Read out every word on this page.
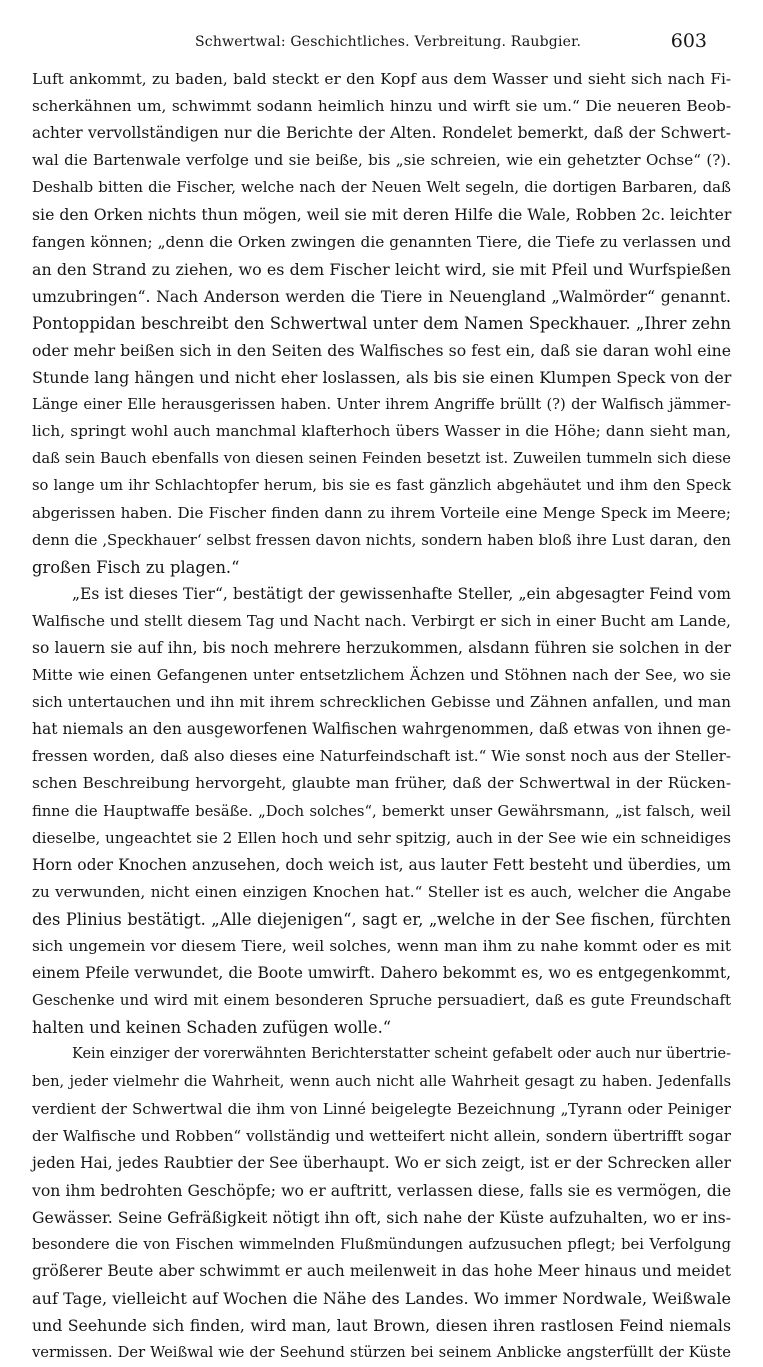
Schwertwal: Geschichtliches. Verbreitung. Raubgier.	603
Luft ankommt, zu baden, bald steckt er den Kopf aus dem Wasser und sieht sich nach Fi-
scherkähnen um, schwimmt sodann heimlich hinzu und wirft sie um.“ Die neueren Beob-
achter vervollständigen nur die Berichte der Alten. Rondelet bemerkt, daß der Schwert-
wal die Bartenwale verfolge und sie beiße, bis „sie schreien, wie ein gehetzter Ochse“ (?).
Deshalb bitten die Fischer, welche nach der Neuen Welt segeln, die dortigen Barbaren, daß
sie den Orken nichts thun mögen, weil sie mit deren Hilfe die Wale, Robben 2c. leichter
fangen können; „denn die Orken zwingen die genannten Tiere, die Tiefe zu verlassen und
an den Strand zu ziehen, wo es dem Fischer leicht wird, sie mit Pfeil und Wurfspießen
umzubringen“. Nach Anderson werden die Tiere in Neuengland „Walmörder“ genannt.
Pontoppidan beschreibt den Schwertwal unter dem Namen Speckhauer. „Ihrer zehn
oder mehr beißen sich in den Seiten des Walfisches so fest ein, daß sie daran wohl eine
Stunde lang hängen und nicht eher loslassen, als bis sie einen Klumpen Speck von der
Länge einer Elle herausgerissen haben. Unter ihrem Angriffe brüllt (?) der Walfisch jämmer-
lich, springt wohl auch manchmal klafterhoch übers Wasser in die Höhe; dann sieht man,
daß sein Bauch ebenfalls von diesen seinen Feinden besetzt ist. Zuweilen tummeln sich diese
so lange um ihr Schlachtopfer herum, bis sie es fast gänzlich abgehäutet und ihm den Speck
abgerissen haben. Die Fischer finden dann zu ihrem Vorteile eine Menge Speck im Meere;
denn die ‚Speckhauer‘ selbst fressen davon nichts, sondern haben bloß ihre Lust daran, den
großen Fisch zu plagen.“
„Es ist dieses Tier“, bestätigt der gewissenhafte Steller, „ein abgesagter Feind vom
Walfische und stellt diesem Tag und Nacht nach. Verbirgt er sich in einer Bucht am Lande,
so lauern sie auf ihn, bis noch mehrere herzukommen, alsdann führen sie solchen in der
Mitte wie einen Gefangenen unter entsetzlichem Ächzen und Stöhnen nach der See, wo sie
sich untertauchen und ihn mit ihrem schrecklichen Gebisse und Zähnen anfallen, und man
hat niemals an den ausgeworfenen Walfischen wahrgenommen, daß etwas von ihnen ge-
fressen worden, daß also dieses eine Naturfeindschaft ist.“ Wie sonst noch aus der Steller-
schen Beschreibung hervorgeht, glaubte man früher, daß der Schwertwal in der Rücken-
finne die Hauptwaffe besäße. „Doch solches“, bemerkt unser Gewährsmann, „ist falsch, weil
dieselbe, ungeachtet sie 2 Ellen hoch und sehr spitzig, auch in der See wie ein schneidiges
Horn oder Knochen anzusehen, doch weich ist, aus lauter Fett besteht und überdies, um
zu verwunden, nicht einen einzigen Knochen hat.“ Steller ist es auch, welcher die Angabe
des Plinius bestätigt. „Alle diejenigen“, sagt er, „welche in der See fischen, fürchten
sich ungemein vor diesem Tiere, weil solches, wenn man ihm zu nahe kommt oder es mit
einem Pfeile verwundet, die Boote umwirft. Dahero bekommt es, wo es entgegenkommt,
Geschenke und wird mit einem besonderen Spruche persuadiert, daß es gute Freundschaft
halten und keinen Schaden zufügen wolle.“
Kein einziger der vorerwähnten Berichterstatter scheint gefabelt oder auch nur übertrie-
ben, jeder vielmehr die Wahrheit, wenn auch nicht alle Wahrheit gesagt zu haben. Jedenfalls
verdient der Schwertwal die ihm von Linné beigelegte Bezeichnung „Tyrann oder Peiniger
der Walfische und Robben“ vollständig und wetteifert nicht allein, sondern übertrifft sogar
jeden Hai, jedes Raubtier der See überhaupt. Wo er sich zeigt, ist er der Schrecken aller
von ihm bedrohten Geschöpfe; wo er auftritt, verlassen diese, falls sie es vermögen, die
Gewässer. Seine Gefräßigkeit nötigt ihn oft, sich nahe der Küste aufzuhalten, wo er ins-
besondere die von Fischen wimmelnden Flußmündungen aufzusuchen pflegt; bei Verfolgung
größerer Beute aber schwimmt er auch meilenweit in das hohe Meer hinaus und meidet
auf Tage, vielleicht auf Wochen die Nähe des Landes. Wo immer Nordwale, Weißwale
und Seehunde sich finden, wird man, laut Brown, diesen ihren rastlosen Feind niemals
vermissen. Der Weißwal wie der Seehund stürzen bei seinem Anblicke angsterfüllt der Küste
